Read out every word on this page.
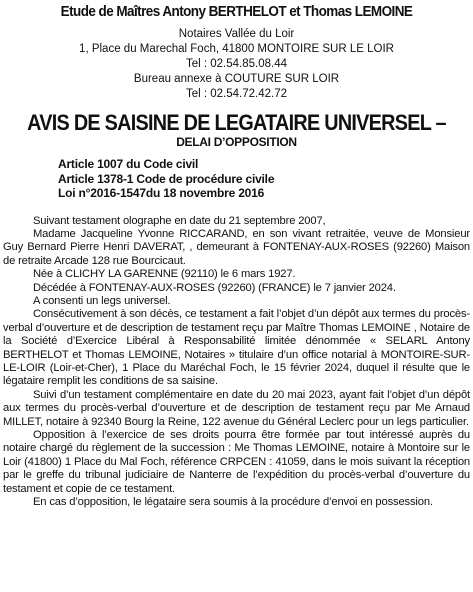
Etude de Maîtres Antony BERTHELOT et Thomas LEMOINE

Notaires Vallée du Loir

1, Place du Marechal Foch, 41800 MONTOIRE SUR LE LOIR

Tel : 02.54.85.08.44

Bureau annexe à COUTURE SUR LOIR

Tel : 02.54.72.42.72

AVIS DE SAISINE DE LEGATAIRE UNIVERSEL –
DELAI D’OPPOSITION
Article 1007 du Code civil
Article 1378-1 Code de procédure civile
Loi n°2016-1547du 18 novembre 2016

Suivant testament olographe en date du 21 septembre 2007,

Madame Jacqueline Yvonne RICCARAND, en son vivant retraitée, veuve de Monsieur Guy Bernard Pierre Henri DAVERAT, , demeurant à FONTENAY-AUX-ROSES (92260) Maison de retraite Arcade 128 rue Bourcicaut.

Née à CLICHY LA GARENNE (92110) le 6 mars 1927.

Décédée à FONTENAY-AUX-ROSES (92260) (FRANCE) le 7 janvier 2024.

A consenti un legs universel.

Consécutivement à son décès, ce testament a fait l’objet d’un dépôt aux termes du procès-verbal d’ouverture et de description de testament reçu par Maître Thomas LEMOINE , Notaire de la Société d’Exercice Libéral à Responsabilité limitée dénommée « SELARL Antony BERTHELOT et Thomas LEMOINE, Notaires » titulaire d’un office notarial à MONTOIRE-SUR-LE-LOIR (Loir-et-Cher), 1 Place du Maréchal Foch, le 15 février 2024, duquel il résulte que le légataire remplit les conditions de sa saisine.

Suivi d’un testament complémentaire en date du 20 mai 2023, ayant fait l’objet d’un dépôt aux termes du procès-verbal d’ouverture et de description de testament reçu par Me Arnaud MILLET, notaire à 92340 Bourg la Reine, 122 avenue du Général Leclerc pour un legs particulier.

Opposition à l’exercice de ses droits pourra être formée par tout intéressé auprès du notaire chargé du règlement de la succession : Me Thomas LEMOINE, notaire à Montoire sur le Loir (41800) 1 Place du Mal Foch, référence CRPCEN : 41059, dans le mois suivant la réception par le greffe du tribunal judiciaire de Nanterre de l’expédition du procès-verbal d’ouverture du testament et copie de ce testament.

En cas d’opposition, le légataire sera soumis à la procédure d’envoi en possession.
